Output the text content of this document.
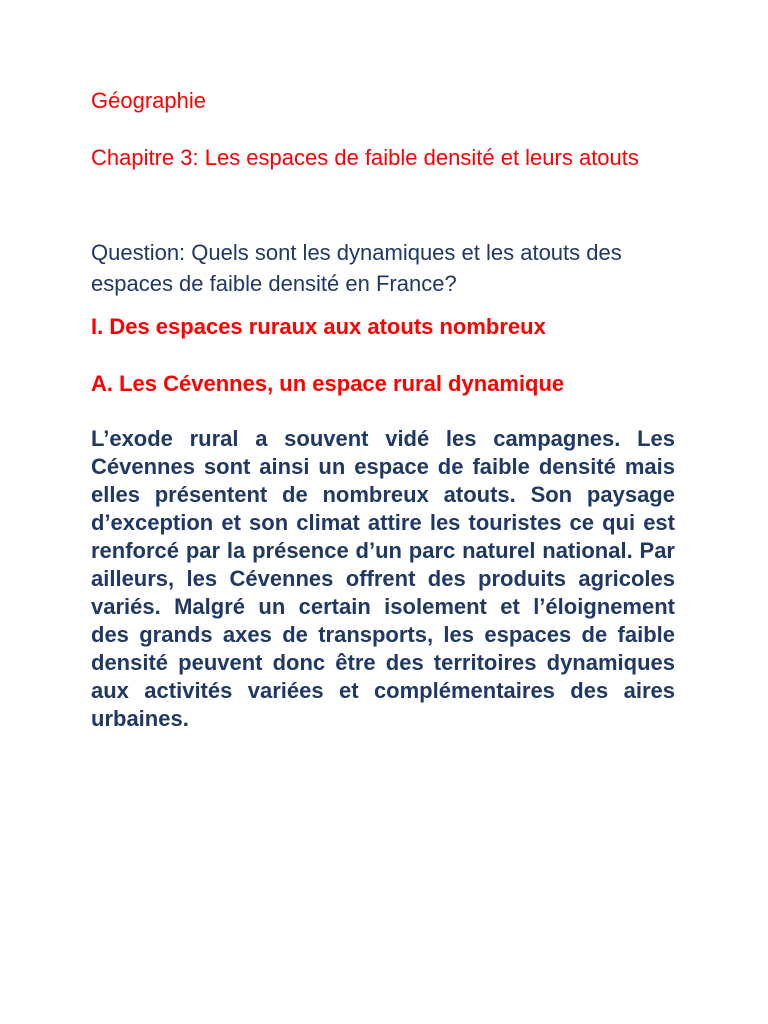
Géographie
Chapitre 3: Les espaces de faible densité et leurs atouts
Question: Quels sont les dynamiques et les atouts des espaces de faible densité en France?
I. Des espaces ruraux aux atouts nombreux
A. Les Cévennes, un espace rural dynamique

L’exode rural a souvent vidé les campagnes. Les Cévennes sont ainsi un espace de faible densité mais elles présentent de nombreux atouts. Son paysage d’exception et son climat attire les touristes ce qui est renforcé par la présence d’un parc naturel national. Par ailleurs, les Cévennes offrent des produits agricoles variés. Malgré un certain isolement et l’éloignement des grands axes de transports, les espaces de faible densité peuvent donc être des territoires dynamiques aux activités variées et complémentaires des aires urbaines.
